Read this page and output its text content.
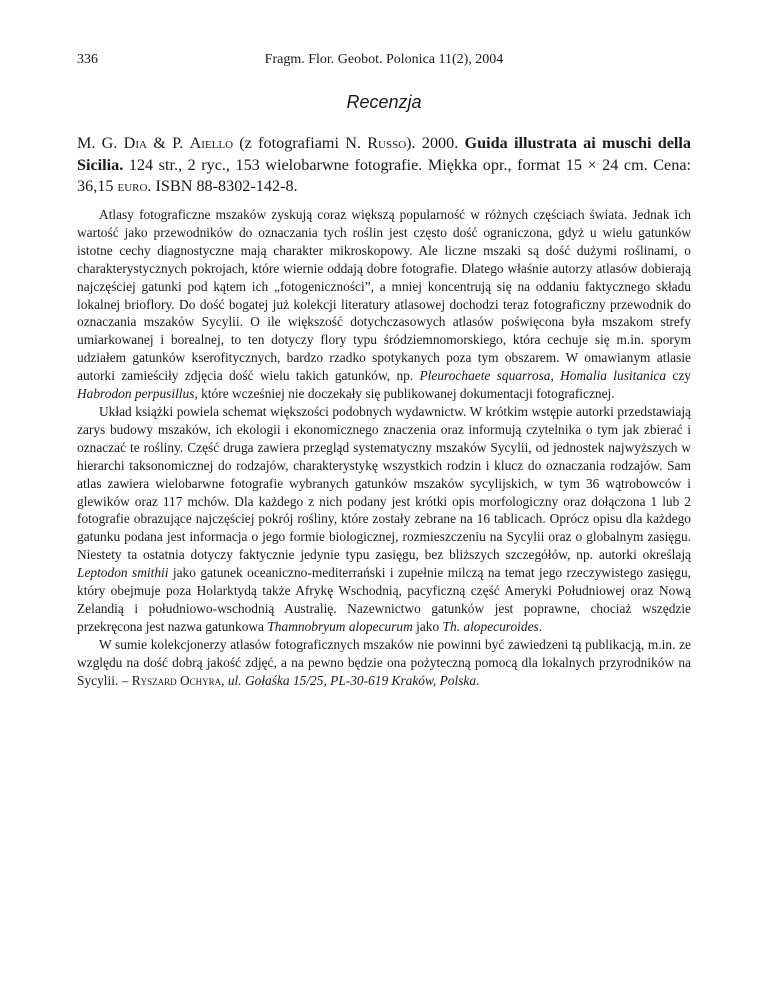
336	Fragm. Flor. Geobot. Polonica 11(2), 2004
Recenzja
M. G. Dia & P. Aiello (z fotografiami N. Russo). 2000. Guida illustrata ai muschi della Sicilia. 124 str., 2 ryc., 153 wielobarwne fotografie. Miękka opr., format 15 × 24 cm. Cena: 36,15 euro. ISBN 88-8302-142-8.

Atlasy fotograficzne mszaków zyskują coraz większą popularność w różnych częściach świata. Jednak ich wartość jako przewodników do oznaczania tych roślin jest często dość ograniczona, gdyż u wielu gatunków istotne cechy diagnostyczne mają charakter mikroskopowy. Ale liczne mszaki są dość dużymi roślinami, o charakterystycznych pokrojach, które wiernie oddają dobre fotografie. Dlatego właśnie autorzy atlasów dobierają najczęściej gatunki pod kątem ich „fotogeniczności”, a mniej koncentrują się na oddaniu faktycznego składu lokalnej brioflory. Do dość bogatej już kolekcji literatury atlasowej dochodzi teraz fotograficzny przewodnik do oznaczania mszaków Sycylii. O ile większość dotychczasowych atlasów poświęcona była mszakom strefy umiarkowanej i borealnej, to ten dotyczy flory typu śródziemnomorskiego, która cechuje się m.in. sporym udziałem gatunków kserofitycznych, bardzo rzadko spotykanych poza tym obszarem. W omawianym atlasie autorki zamieściły zdjęcia dość wielu takich gatunków, np. Pleurochaete squarrosa, Homalia lusitanica czy Habrodon perpusillus, które wcześniej nie doczekały się publikowanej dokumentacji fotograficznej.

Układ książki powiela schemat większości podobnych wydawnictw. W krótkim wstępie autorki przedstawiają zarys budowy mszaków, ich ekologii i ekonomicznego znaczenia oraz informują czytelnika o tym jak zbierać i oznaczać te rośliny. Część druga zawiera przegląd systematyczny mszaków Sycylii, od jednostek najwyższych w hierarchi taksonomicznej do rodzajów, charakterystykę wszystkich rodzin i klucz do oznaczania rodzajów. Sam atlas zawiera wielobarwne fotografie wybranych gatunków mszaków sycylijskich, w tym 36 wątrobowców i glewików oraz 117 mchów. Dla każdego z nich podany jest krótki opis morfologiczny oraz dołączona 1 lub 2 fotografie obrazujące najczęściej pokrój rośliny, które zostały zebrane na 16 tablicach. Oprócz opisu dla każdego gatunku podana jest informacja o jego formie biologicznej, rozmieszczeniu na Sycylii oraz o globalnym zasięgu. Niestety ta ostatnia dotyczy faktycznie jedynie typu zasięgu, bez bliższych szczegółów, np. autorki określają Leptodon smithii jako gatunek oceaniczno-mediterrański i zupełnie milczą na temat jego rzeczywistego zasięgu, który obejmuje poza Holarktydą także Afrykę Wschodnią, pacyficzną część Ameryki Południowej oraz Nową Zelandią i południowo-wschodnią Australię. Nazewnictwo gatunków jest poprawne, chociaż wszędzie przekręcona jest nazwa gatunkowa Thamnobryum alopecurum jako Th. alopecuroides.

W sumie kolekcjonerzy atlasów fotograficznych mszaków nie powinni być zawiedzeni tą publikacją, m.in. ze względu na dość dobrą jakość zdjęć, a na pewno będzie ona pożyteczną pomocą dla lokalnych przyrodników na Sycylii. – Ryszard Ochyra, ul. Gołaśka 15/25, PL-30-619 Kraków, Polska.
